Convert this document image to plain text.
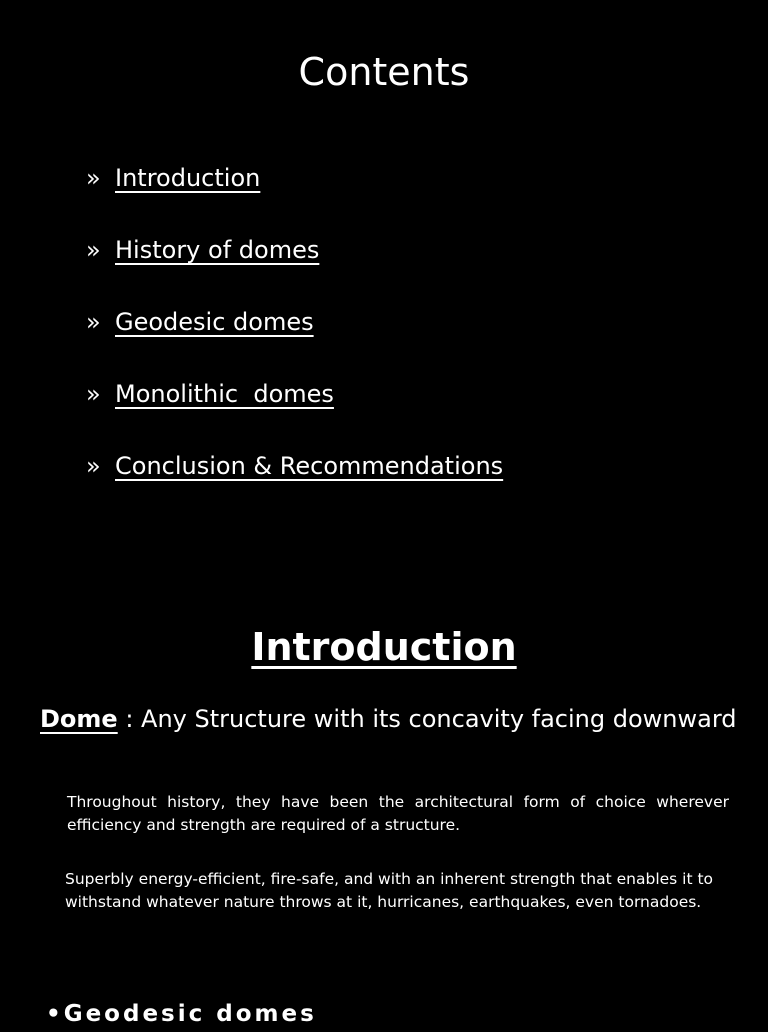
Contents
» Introduction
» History of domes
» Geodesic domes
» Monolithic  domes
» Conclusion & Recommendations
Introduction

Dome : Any Structure with its concavity facing downward

Throughout history, they have been the architectural form of choice wherever efficiency and strength are required of a structure.

Superbly energy-efficient, fire-safe, and with an inherent strength that enables it to withstand whatever nature throws at it, hurricanes, earthquakes, even tornadoes.

•Geodesic domes
